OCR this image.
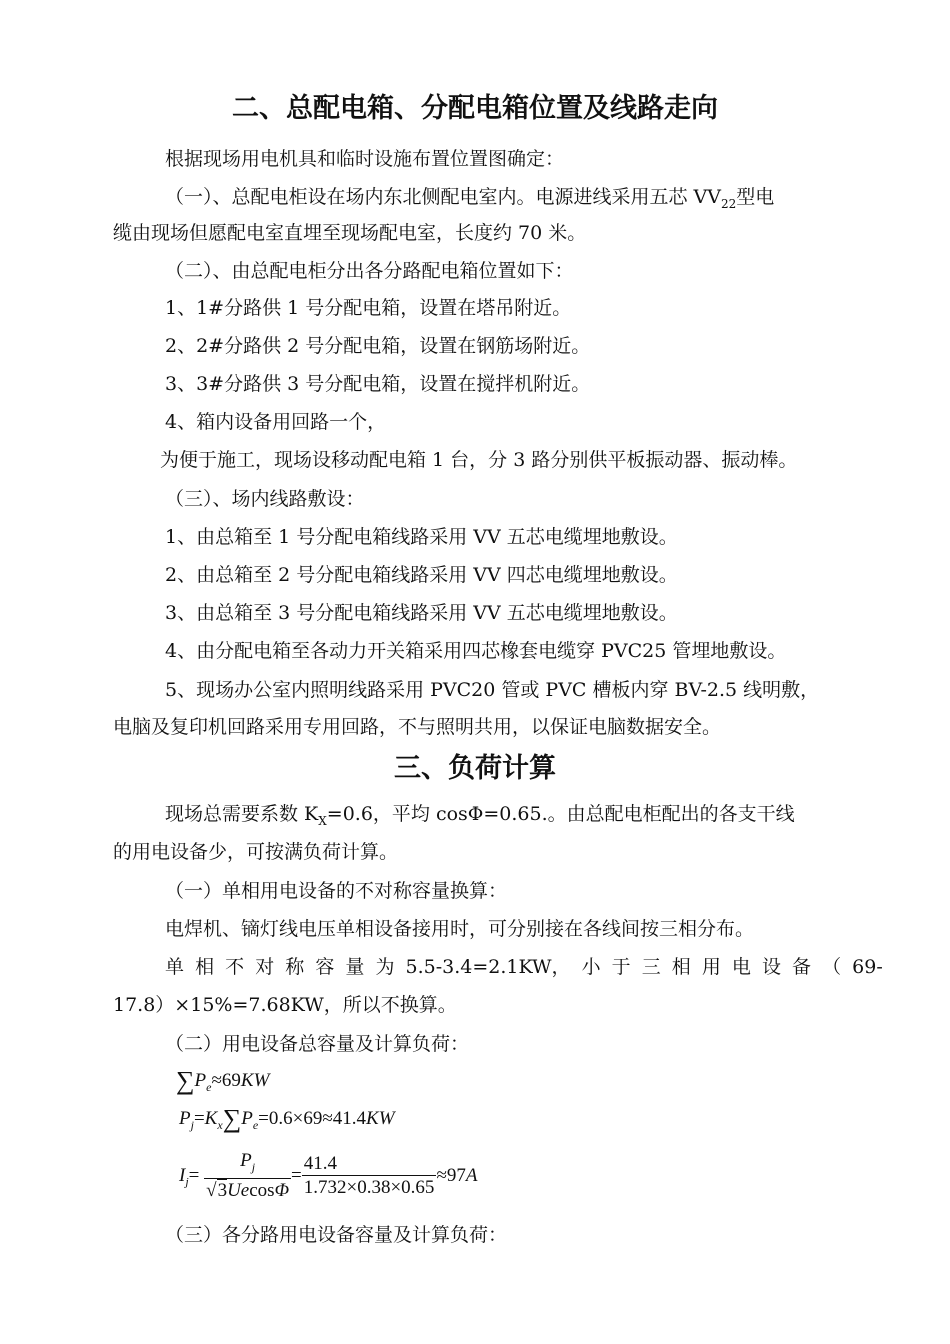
二、总配电箱、分配电箱位置及线路走向
根据现场用电机具和临时设施布置位置图确定：
（一）、总配电柜设在场内东北侧配电室内。电源进线采用五芯 $VV_{22}$型电
缆由现场但愿配电室直埋至现场配电室，长度约 70 米。
（二）、由总配电柜分出各分路配电箱位置如下：
1、1#分路供 1 号分配电箱，设置在塔吊附近。
2、2#分路供 2 号分配电箱，设置在钢筋场附近。
3、3#分路供 3 号分配电箱，设置在搅拌机附近。
4、箱内设备用回路一个，
为便于施工，现场设移动配电箱 1 台，分 3 路分别供平板振动器、振动棒。
（三）、场内线路敷设：
1、由总箱至 1 号分配电箱线路采用 VV 五芯电缆埋地敷设。
2、由总箱至 2 号分配电箱线路采用 VV 四芯电缆埋地敷设。
3、由总箱至 3 号分配电箱线路采用 VV 五芯电缆埋地敷设。
4、由分配电箱至各动力开关箱采用四芯橡套电缆穿 PVC25 管埋地敷设。
5、现场办公室内照明线路采用 PVC20 管或 PVC 槽板内穿 BV-2.5 线明敷，
电脑及复印机回路采用专用回路，不与照明共用，以保证电脑数据安全。
三、负荷计算
现场总需要系数 $K_X=0.6$，平均 cosΦ=0.65.。由总配电柜配出的各支干线
的用电设备少，可按满负荷计算。
（一）单相用电设备的不对称容量换算：
电焊机、镝灯线电压单相设备接用时，可分别接在各线间按三相分布。
单 相 不 对 称 容 量 为 5.5-3.4=2.1KW， 小 于 三 相 用 电 设 备 （ 69-
17.8）×15%=7.68KW，所以不换算。
（二）用电设备总容量及计算负荷：
$\sum P_e\approx 69KW$
$P_j=K_x\sum P_e=0.6\times 69\approx 41.4KW$
$I_j= \frac{P_j}{√3Uecos\Phi} = \frac{41.4}{1.732\times 0.38\times 0.65} \approx 97A$
（三）各分路用电设备容量及计算负荷：
